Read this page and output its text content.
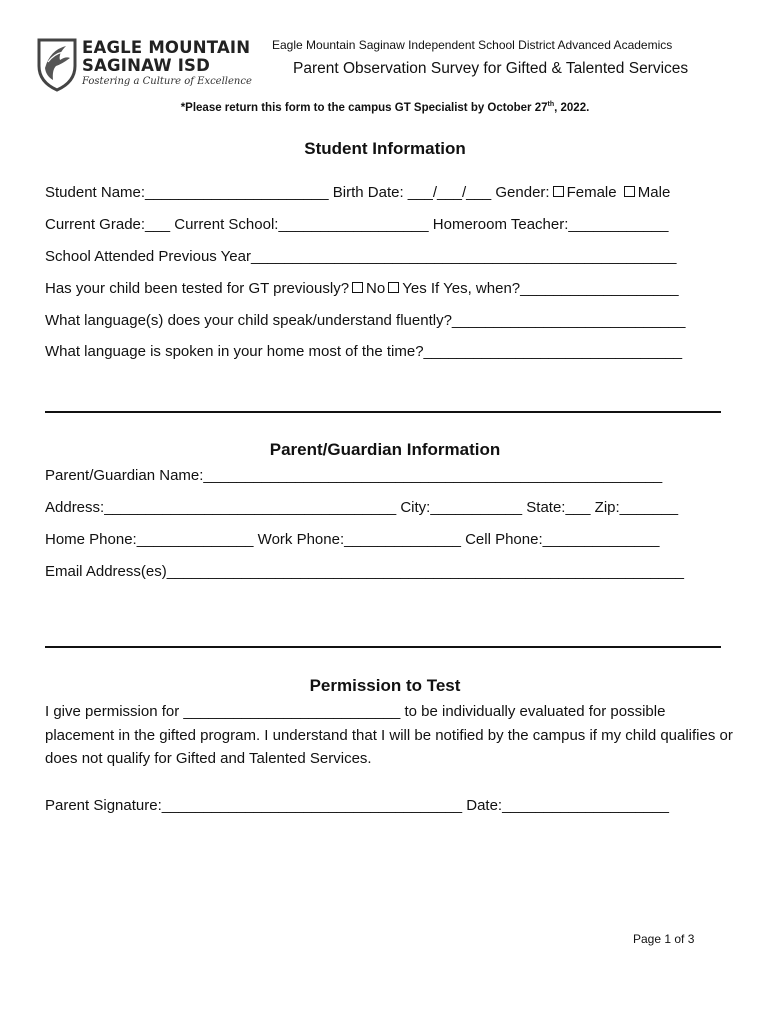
EAGLE MOUNTAIN
SAGINAW ISD
Fostering a Culture of Excellence
Eagle Mountain Saginaw Independent School District Advanced Academics
Parent Observation Survey for Gifted & Talented Services
*Please return this form to the campus GT Specialist by October 27th, 2022.
Student Information
Student Name:______________________ Birth Date: ___/___/___ Gender: Female Male
Current Grade:___ Current School:__________________ Homeroom Teacher:____________
School Attended Previous Year___________________________________________________
Has your child been tested for GT previously? No Yes If Yes, when?___________________
What language(s) does your child speak/understand fluently?____________________________
What language is spoken in your home most of the time?_______________________________
Parent/Guardian Information
Parent/Guardian Name:_______________________________________________________
Address:___________________________________ City:___________ State:___ Zip:_______
Home Phone:______________ Work Phone:______________ Cell Phone:______________
Email Address(es)______________________________________________________________
Permission to Test
I give permission for __________________________ to be individually evaluated for possible placement in the gifted program. I understand that I will be notified by the campus if my child qualifies or does not qualify for Gifted and Talented Services.
Parent Signature:____________________________________ Date:____________________
Page 1 of 3
